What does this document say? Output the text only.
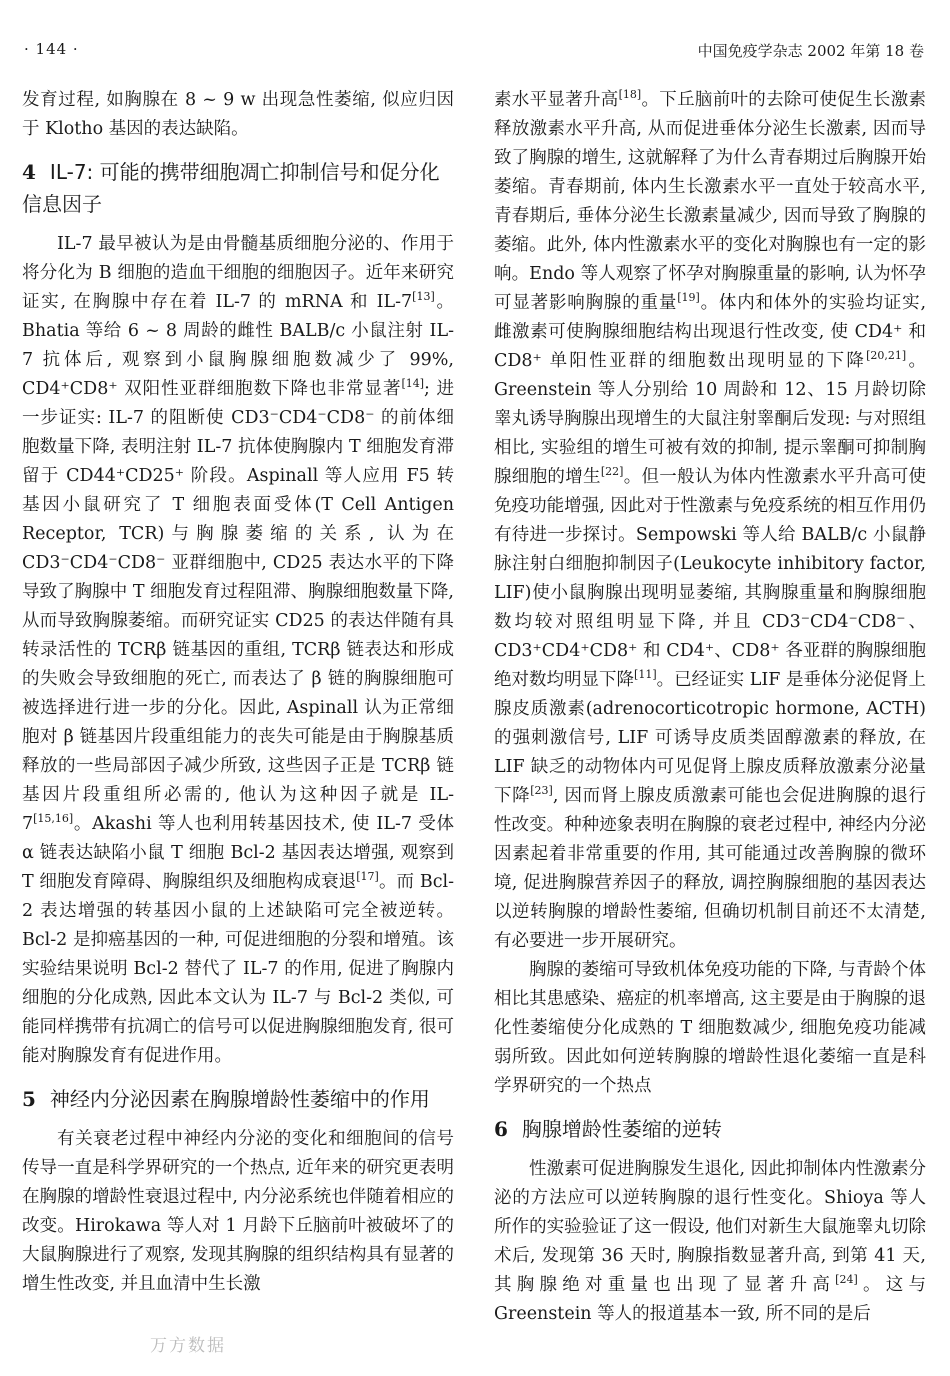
· 144 ·	中国免疫学杂志 2002 年第 18 卷

发育过程, 如胸腺在 8 ~ 9 w 出现急性萎缩, 似应归因于 Klotho 基因的表达缺陷。

4 IL-7: 可能的携带细胞凋亡抑制信号和促分化信息因子

IL-7 最早被认为是由骨髓基质细胞分泌的、作用于将分化为 B 细胞的造血干细胞的细胞因子。近年来研究证实, 在胸腺中存在着 IL-7 的 mRNA 和 IL-7[13]。Bhatia 等给 6 ~ 8 周龄的雌性 BALB/c 小鼠注射 IL-7 抗体后, 观察到小鼠胸腺细胞数减少了 99%, CD4⁺CD8⁺ 双阳性亚群细胞数下降也非常显著[14]; 进一步证实: IL-7 的阻断使 CD3⁻CD4⁻CD8⁻ 的前体细胞数量下降, 表明注射 IL-7 抗体使胸腺内 T 细胞发育滞留于 CD44⁺CD25⁺ 阶段。Aspinall 等人应用 F5 转基因小鼠研究了 T 细胞表面受体(T Cell Antigen Receptor, TCR)与胸腺萎缩的关系, 认为在 CD3⁻CD4⁻CD8⁻ 亚群细胞中, CD25 表达水平的下降导致了胸腺中 T 细胞发育过程阻滞、胸腺细胞数量下降, 从而导致胸腺萎缩。而研究证实 CD25 的表达伴随有具转录活性的 TCRβ 链基因的重组, TCRβ 链表达和形成的失败会导致细胞的死亡, 而表达了 β 链的胸腺细胞可被选择进行进一步的分化。因此, Aspinall 认为正常细胞对 β 链基因片段重组能力的丧失可能是由于胸腺基质释放的一些局部因子减少所致, 这些因子正是 TCRβ 链基因片段重组所必需的, 他认为这种因子就是 IL-7[15,16]。Akashi 等人也利用转基因技术, 使 IL-7 受体 α 链表达缺陷小鼠 T 细胞 Bcl-2 基因表达增强, 观察到 T 细胞发育障碍、胸腺组织及细胞构成衰退[17]。而 Bcl-2 表达增强的转基因小鼠的上述缺陷可完全被逆转。Bcl-2 是抑癌基因的一种, 可促进细胞的分裂和增殖。该实验结果说明 Bcl-2 替代了 IL-7 的作用, 促进了胸腺内细胞的分化成熟, 因此本文认为 IL-7 与 Bcl-2 类似, 可能同样携带有抗凋亡的信号可以促进胸腺细胞发育, 很可能对胸腺发育有促进作用。

5 神经内分泌因素在胸腺增龄性萎缩中的作用

有关衰老过程中神经内分泌的变化和细胞间的信号传导一直是科学界研究的一个热点, 近年来的研究更表明在胸腺的增龄性衰退过程中, 内分泌系统也伴随着相应的改变。Hirokawa 等人对 1 月龄下丘脑前叶被破坏了的大鼠胸腺进行了观察, 发现其胸腺的组织结构具有显著的增生性改变, 并且血清中生长激

素水平显著升高[18]。下丘脑前叶的去除可使促生长激素释放激素水平升高, 从而促进垂体分泌生长激素, 因而导致了胸腺的增生, 这就解释了为什么青春期过后胸腺开始萎缩。青春期前, 体内生长激素水平一直处于较高水平, 青春期后, 垂体分泌生长激素量减少, 因而导致了胸腺的萎缩。此外, 体内性激素水平的变化对胸腺也有一定的影响。Endo 等人观察了怀孕对胸腺重量的影响, 认为怀孕可显著影响胸腺的重量[19]。体内和体外的实验均证实, 雌激素可使胸腺细胞结构出现退行性改变, 使 CD4⁺ 和 CD8⁺ 单阳性亚群的细胞数出现明显的下降[20,21]。Greenstein 等人分别给 10 周龄和 12、15 月龄切除睾丸诱导胸腺出现增生的大鼠注射睾酮后发现: 与对照组相比, 实验组的增生可被有效的抑制, 提示睾酮可抑制胸腺细胞的增生[22]。但一般认为体内性激素水平升高可使免疫功能增强, 因此对于性激素与免疫系统的相互作用仍有待进一步探讨。Sempowski 等人给 BALB/c 小鼠静脉注射白细胞抑制因子(Leukocyte inhibitory factor, LIF)使小鼠胸腺出现明显萎缩, 其胸腺重量和胸腺细胞数均较对照组明显下降, 并且 CD3⁻CD4⁻CD8⁻、CD3⁺CD4⁺CD8⁺ 和 CD4⁺、CD8⁺ 各亚群的胸腺细胞绝对数均明显下降[11]。已经证实 LIF 是垂体分泌促肾上腺皮质激素(adrenocorticotropic hormone, ACTH)的强刺激信号, LIF 可诱导皮质类固醇激素的释放, 在 LIF 缺乏的动物体内可见促肾上腺皮质释放激素分泌量下降[23], 因而肾上腺皮质激素可能也会促进胸腺的退行性改变。种种迹象表明在胸腺的衰老过程中, 神经内分泌因素起着非常重要的作用, 其可能通过改善胸腺的微环境, 促进胸腺营养因子的释放, 调控胸腺细胞的基因表达以逆转胸腺的增龄性萎缩, 但确切机制目前还不太清楚, 有必要进一步开展研究。

胸腺的萎缩可导致机体免疫功能的下降, 与青龄个体相比其患感染、癌症的机率增高, 这主要是由于胸腺的退化性萎缩使分化成熟的 T 细胞数减少, 细胞免疫功能减弱所致。因此如何逆转胸腺的增龄性退化萎缩一直是科学界研究的一个热点

6 胸腺增龄性萎缩的逆转

性激素可促进胸腺发生退化, 因此抑制体内性激素分泌的方法应可以逆转胸腺的退行性变化。Shioya 等人所作的实验验证了这一假设, 他们对新生大鼠施睾丸切除术后, 发现第 36 天时, 胸腺指数显著升高, 到第 41 天, 其胸腺绝对重量也出现了显著升高[24]。这与 Greenstein 等人的报道基本一致, 所不同的是后

万方数据
